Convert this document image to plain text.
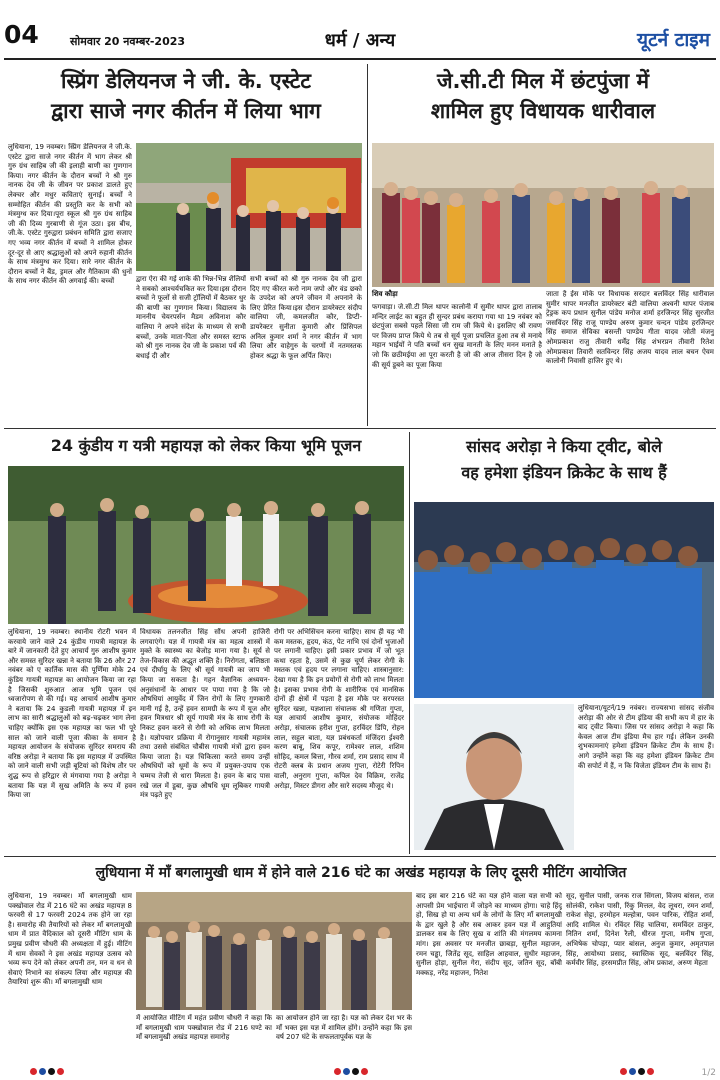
04	सोमवार 20 नवम्बर-2023	धर्म / अन्य	यूटर्न टाइम
स्प्रिंग डेलियनज ने जी. के. एस्टेट
द्वारा साजे नगर कीर्तन में लिया भाग
लुधियाना, 19 नवम्बर। स्प्रिंग डेलियनज ने जी.के. एस्टेट द्वारा साजे नगर कीर्तन में भाग लेकर श्री गुरु ग्रंथ साहिब जी की इलाही बाणी का गुणगान किया। नगर कीर्तन के दौरान बच्चों ने श्री गुरु नानक देव जी के जीवन पर प्रकाश डालते हुए लेक्चर और मधुर कविताएं सुनाई। बच्चों ने सम्मोहित कीर्तन की प्रस्तुति कर के सभी को मंत्रमुग्ध कर दिया।पूरा स्कूल श्री गुरु ग्रंथ साहिब जी की दिव्य गुरबाणी से गूंज उठा। इस बीच, जी.के. एस्टेट गुरुद्वारा प्रबंधन समिति द्वारा सजाए गए भव्य नगर कीर्तन में बच्चों ने शामिल होकर दूर-दूर से आए श्रद्धालुओं को अपने रुहानी कीर्तन के साथ मंत्रमुग्ध कर दिया। सारे नगर कीर्तन के दौरान बच्चों ने बैंड, ड्रमल और गैतिकाम की धुनों के साथ नगर कीर्तन की अगवाई की। बच्चों	द्वारा ऐरा की गई शाके की भिन्न-भिन्न शैलियों ने सबको आश्चर्यचकित कर दिया।इस दौरान बच्चों ने फूलों से सजी ट्रॉलियों में बैठकर धुर की बाणी का गुणगान किया। विद्यालय के माननीय चेयरपर्सन मैडम अविनाश कौर वालिया ने अपने संदेश के माध्यम से सभी बच्चों, उनके माता-पिता और समस्त स्टाफ को श्री गुरु नानक देव जी के प्रकाश पर्व की बधाई दी और
सभी बच्चों को श्री गुरु नानक देव जी द्वारा दिए गए कीरत करो नाम जपो और वंड छको के उपदेश को अपने जीवन में अपनाने के लिए प्रेरित किया।इस दौरान डायरेक्टर संदीप वालिया जी, कमलजीत कौर, डिप्टी-डायरेक्टर सुनीता कुमारी और प्रिंसिपल अनिल कुमार शर्मा ने नगर कीर्तन में भाग लिया और वाहेगुरु के चरणों में नतमस्तक होकर श्रद्धा के फूल अर्पित किए।
जे.सी.टी मिल में छंटपुंजा में
शामिल हुए विधायक धारीवाल
शिव कौड़ा
फगवाड़ा। जे.सी.टी मिल थापर कालोनी में सुमीर थापर द्वारा तालाब मन्दिर लाईट का बहुत ही सुन्दर प्रबंध कराया गया था 19 नवंबर को छंटपुंजा सबसे पहले सिसा जी राम जी किये थे। इसलिए श्री रावण पर विजय प्राप्त किये थे तब से सूर्य पूजा प्रचलित हुआ तब से मनाये महान भाईयों ने पति बच्चों धन सुख मानती के लिए मनन मनाते है जो कि छठीमईया आ पूरा करती है जो की आज तीसरा दिन है जो की सूर्य डूबने का पूजा किया
जाता है ईस मोके पर विधायक सरदार बलविंदर सिंह धारीवाल सुमीर थापर मनजीत डायरेक्टर बंटी वालिया अश्वनी थापर पंजाब ट्रेड्रक कप प्रधान सुनील पांडेय मनोज शर्मा हरजिन्दर सिंह सुरजीत जसविंदर सिंह राजू पाण्डेय अरुण कुमार चन्दन पांडेय हरजिन्दर सिंह समाज सेविका बसन्ती पाण्डेय गीता यादव जोती मंजनु ओमप्रकाश राजु तीवारी धर्मेंद्र सिंह शंभरप्रन तीवारी रितेश ओमप्रकाश तिवारी सतविन्दर सिंह अजय यादव लाल बचन ऐवम कालोनी निवासी हाजिर हुए थे।
24 कुंडीय ग यत्री महायज्ञ को लेकर किया भूमि पूजन
लुधियाना, 19 नवम्बर। स्थानीय रोटरी भवन में करवाये जाने वाले 24 कुंडीय गायत्री महायज्ञ के बारे में जानकारी देते हुए आचार्य गुरु आशीष कुमार और समस्त सुरिदर खन्ना ने बताया कि 26 और 27 नवंबर को ए कार्तिक मास की पूर्णिमा मोके 24 कुंडिय गायत्री महायज्ञ का आयोजन किया जा रहा है जिसकी शुरुआत आज भूमि पूजन एवं ध्वजारोपण से की गई। यह आचार्य आशीष कुमार ने बताया कि 24 कुडली गायत्री महायज्ञ में इन लाभ का सारी श्रद्धालुओं को बढ़-चढ़कर भाग लेना चाहिए क्योंकि इस एक महायज्ञ का फल भी पूरे साल को जाने वाली पूजा कीका के समान है महायज्ञ आयोजन के संयोजक सुरिंदर समराय की वरिष्ठ अरोड़ा ने बताया कि इस महायज्ञ में उपस्थित को जाने वाली सभी जड़ी बूटियां को विशेष तौर पर शुद्ध रूप से हरिद्वार से मंगवाया गया है अरोड़ा ने बताया कि यज्ञ में सुख अमिति के रूप में हवन किया जा
विधायक तलनजीत सिंह सौंध अपनी हाजिरी लगवाएंगे। यज्ञ में गायत्री मंत्र का महत्व शास्त्रों में मुक्ते के स्वास्थ्य का बेजोड़ माना गया है। सूर्य से तेज-विकास की अद्भुत शक्ति है। निरोगता, बलिष्ठता एवं दीर्घायु के लिए श्री सूर्य गायत्री का जाप भी किया जा सकता है। गहन वैज्ञानिक अध्ययन-अनुसंधानों के आधार पर पाया गया है कि जो औषधियां आयुर्वेद में जिन रोगों के लिए गुणकारी मानी गई है, उन्हें हवन सामग्री के रूप में यूज और हवन मित्रधार श्री सूर्य गायत्री मंत्र के साथ रोगी के निकट हवन करने से रोगी को अधिक लाभ मिलता है। यज्ञोपचार प्रक्रिया में रोगानुसार गायत्री महामंत्र तथा उससे संबंधित चौबीस गायत्री मंत्रों द्वारा हवन किया जाता है। यज्ञ चिकित्सा करते समय उन्हीं औषधियों को धूमों के रूप में प्रयुक्त-उपाय एक चम्मच तेजी से धारा मिलता है। हवन के बाद पास रखे जल में डूबा, कुछ औषधि धूम लूबिकर गायत्री मंत्र पढ़ते हुए
रोगी पर अभिसिंचन करना चाहिए। साथ ही यह भी कम मस्तक, हृदय, कंठ, पेट नाभि एवं दोनों भुजाओं पर लगानी चाहिए। इसी प्रकार प्रभाव में जो भूत कथा रहता है, उसमें से कुछ चूर्ण लेकर रोगी के मस्तक एवं हृदय पर लगाना चाहिए। शास्त्रानुसार: देखा गया है कि इन प्रयोगों से रोगी को लाभ मिलता है। इसका प्रभाव रोगी के शारीरिक एवं मानसिक दोनों ही क्षेत्रों में पड़ता है इस मौके पर सरपरस्त सुरिंदर खन्ना, यज्ञशाला संचालक श्री गणिता गुप्ता, यज्ञ आचार्य आशीष कुमार, संयोजक मोहिंदर अरोड़ा, संचालक हरीश गुप्ता, हरविंदर डिंपि, रोहन लाल, सहुल बाता, यज्ञ प्रबंधकर्ता मंजिंदरा ईश्वरी करण बाबू, शिव कपूर, रामेश्वर लाल, शशिम सोहिद, कमल बित्ता, गौरव शर्मा, राम प्रसाद साथ में रोटरी क्लब के प्रधान अजय गुप्ता, रोटेरी रिपिन वाली, अनुराग गुप्ता, कपिल देव विक्रिम, राजेंद्र अरोड़ा, मिस्टर डीगरा और सारे सदस्य मौजूद थे।
सांसद अरोड़ा ने किया ट्वीट, बोले
वह हमेशा इंडियन क्रिकेट के साथ हैं
लुधियाना/यूटर्न/19 नवंबर। राज्यसभा सांसद संजीव अरोड़ा की ओर से टीम इंडिया की सभी कप में हार के बाद ट्वीट किया। जिस पर सांसद अरोड़ा ने कहा कि केवल आज टीम इंडिया मैच हार गई। लेकिन उनकी शुभकामनाएं हमेशा इंडियन क्रिकेट टीम के साथ हैं। आगे उन्होंने कहा कि वह हमेशा इंडियन क्रिकेट टीम की सपोर्ट में हैं, न कि विजेता इंडियन टीम के साथ हैं।
लुधियाना में माँ बगलामुखी धाम में होने वाले 216 घंटे का अखंड महायज्ञ के लिए दूसरी मीटिंग आयोजित
लुधियाना, 19 नवम्बर। माँ बगलामुखी धाम पक्खोवाल रोड में 216 घंटे का अखंड महायज्ञ 8 फरवरी से 17 फरवरी 2024 तक होने जा रहा है। समारोह की तैयारियों को लेकर माँ बगलामुखी धाम में प्रात वैदिकाल को दूसरी मीटिंग धाम के प्रमुख प्रवीण चौधरी की अध्यक्षता में हुई। मीटिंग में धाम सेवकों ने इस अखंड महायज्ञ उत्सव को भव्य रूप देने को लेकर अपनी तन, मन व धन से सेवाएं निभाने का संकल्प लिया और महायज्ञ की तैयारियां शुरू की। माँ बगलामुखी धाम
में आयोजित मीटिंग में महंत प्रवीण चौधरी ने कहा कि माँ बगलामुखी धाम पक्खोवाल रोड में 216 घण्टे का माँ बगलामुखी अखंड महायज्ञ समारोह
का आयोजन होने जा रहा है। यज्ञ को लेकर देश भर के माँ भक्त इस यज्ञ में शामिल होंगे। उन्होंने कहा कि इस वर्ष 207 घंटे के सफलतापूर्वक यज्ञ के
बाद इस बार 216 घंटे का यज्ञ होने वाला यज्ञ सभी को आपसी प्रेम भाईचारा में जोड़ने का माध्यम होगा। चाहे हिंदू हो, सिख हो या अन्य धर्म के लोगों के लिए माँ बगलामुखी के द्वार खुले है और सब आकर हवन यज्ञ में आहुतियां डालकर सब के लिए सुख व शांति की मंगलमय कामना मांग। इस अवसर पर मनजीत छाबड़ा, सुनील महाजन, रमन चड्ढा, जितेंद्र सूद, साहिल आहवाल, सुधीर महाजन, सुनील होड़ा, सुनील गेरा, संदीप सूद, जतिन सूद, बॉबी मक्कड़, नरेंद्र महाजन, नितेश
सूद, सुनील पासी, जनक राज सिंगला, विजय बांसल, राज सोलंकी, राकेश पासी, रिंकु मित्तल, वेद लूथरा, रमन शर्मा, राकेश सेट्टा, हरमोहन मल्होत्रा, पवन पारिक, रोहित शर्मा, आदि शामिल थे। रविंदर सिंह चालिया, समविंदर ठाकुर, नितिन शर्मा, दिनेश रैली, धीरज गुप्ता, मनीष गुप्ता, अभिषेक चोपड़ा, प्यार बांसल, अनुज कुमार, अमृतपाल सिंह, आयोध्या प्रसाद, स्वास्तिक सूद, बलविंदर सिंह, कर्मवीर सिंह, हरसमप्रीत सिंह, ओम प्रकाश, अरुण मेहता
1/2
